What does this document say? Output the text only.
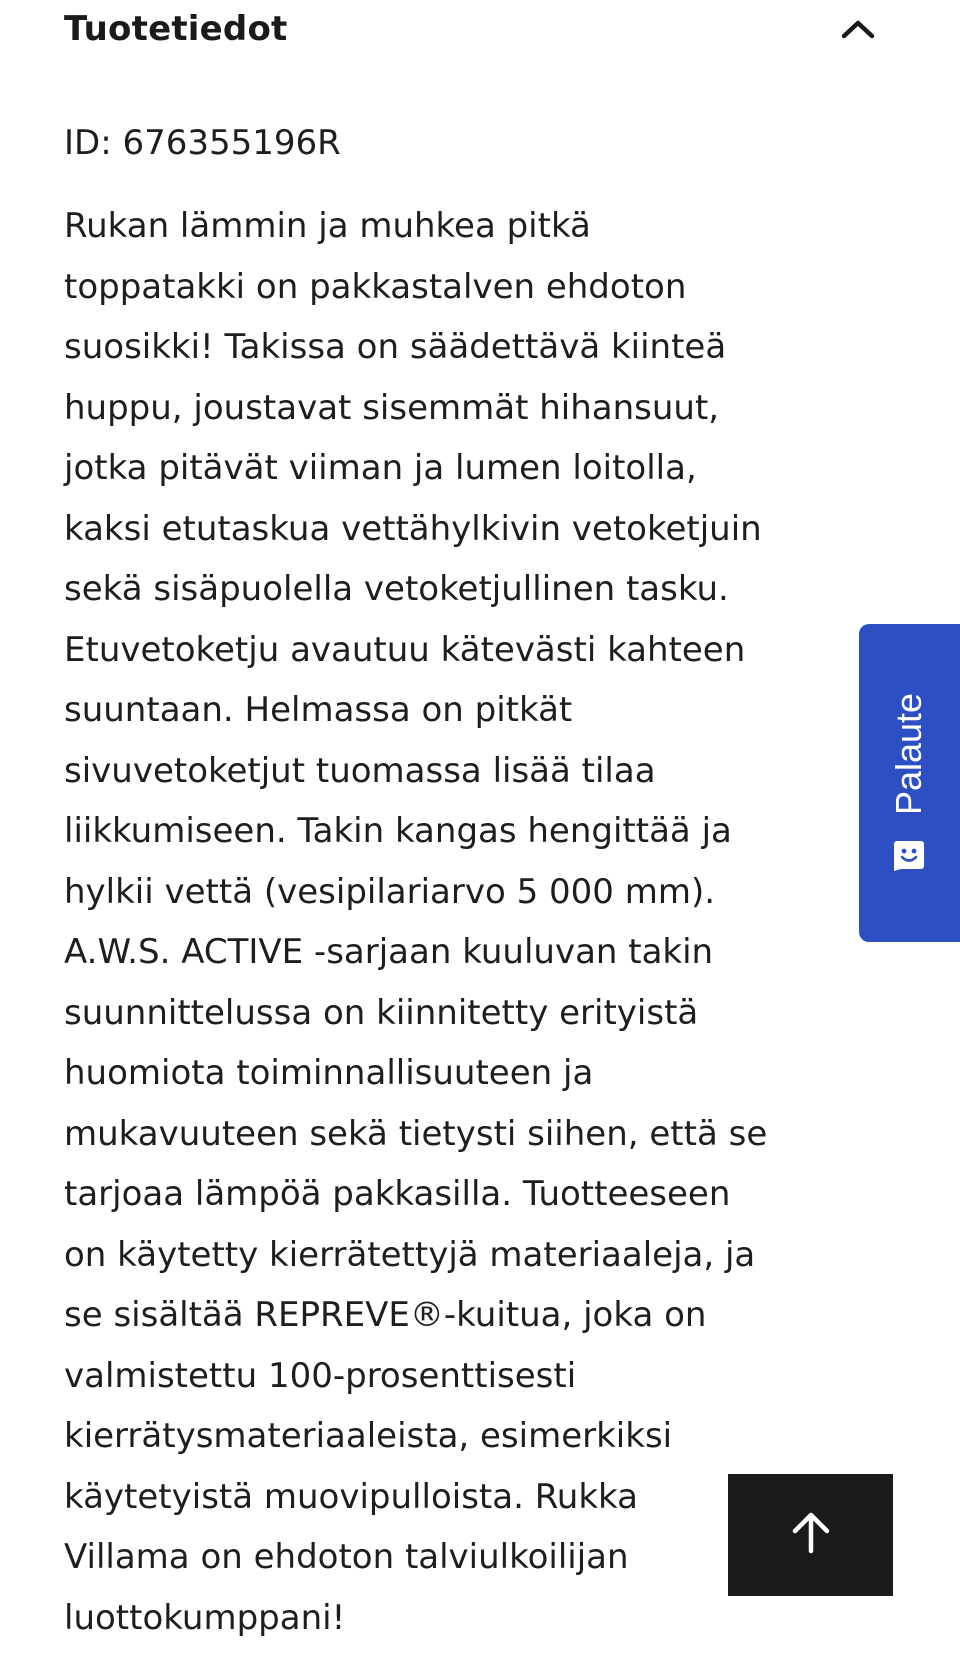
Tuotetiedot
ID: 676355196R
Rukan lämmin ja muhkea pitkä
toppatakki on pakkastalven ehdoton
suosikki! Takissa on säädettävä kiinteä
huppu, joustavat sisemmät hihansuut,
jotka pitävät viiman ja lumen loitolla,
kaksi etutaskua vettähylkivin vetoketjuin
sekä sisäpuolella vetoketjullinen tasku.
Etuvetoketju avautuu kätevästi kahteen
suuntaan. Helmassa on pitkät
sivuvetoketjut tuomassa lisää tilaa
liikkumiseen. Takin kangas hengittää ja
hylkii vettä (vesipilariarvo 5 000 mm).
A.W.S. ACTIVE -sarjaan kuuluvan takin
suunnittelussa on kiinnitetty erityistä
huomiota toiminnallisuuteen ja
mukavuuteen sekä tietysti siihen, että se
tarjoaa lämpöä pakkasilla. Tuotteeseen
on käytetty kierrätettyjä materiaaleja, ja
se sisältää REPREVE®-kuitua, joka on
valmistettu 100-prosenttisesti
kierrätysmateriaaleista, esimerkiksi
käytetyistä muovipulloista. Rukka
Villama on ehdoton talviulkoilijan
luottokumppani!
Palaute
